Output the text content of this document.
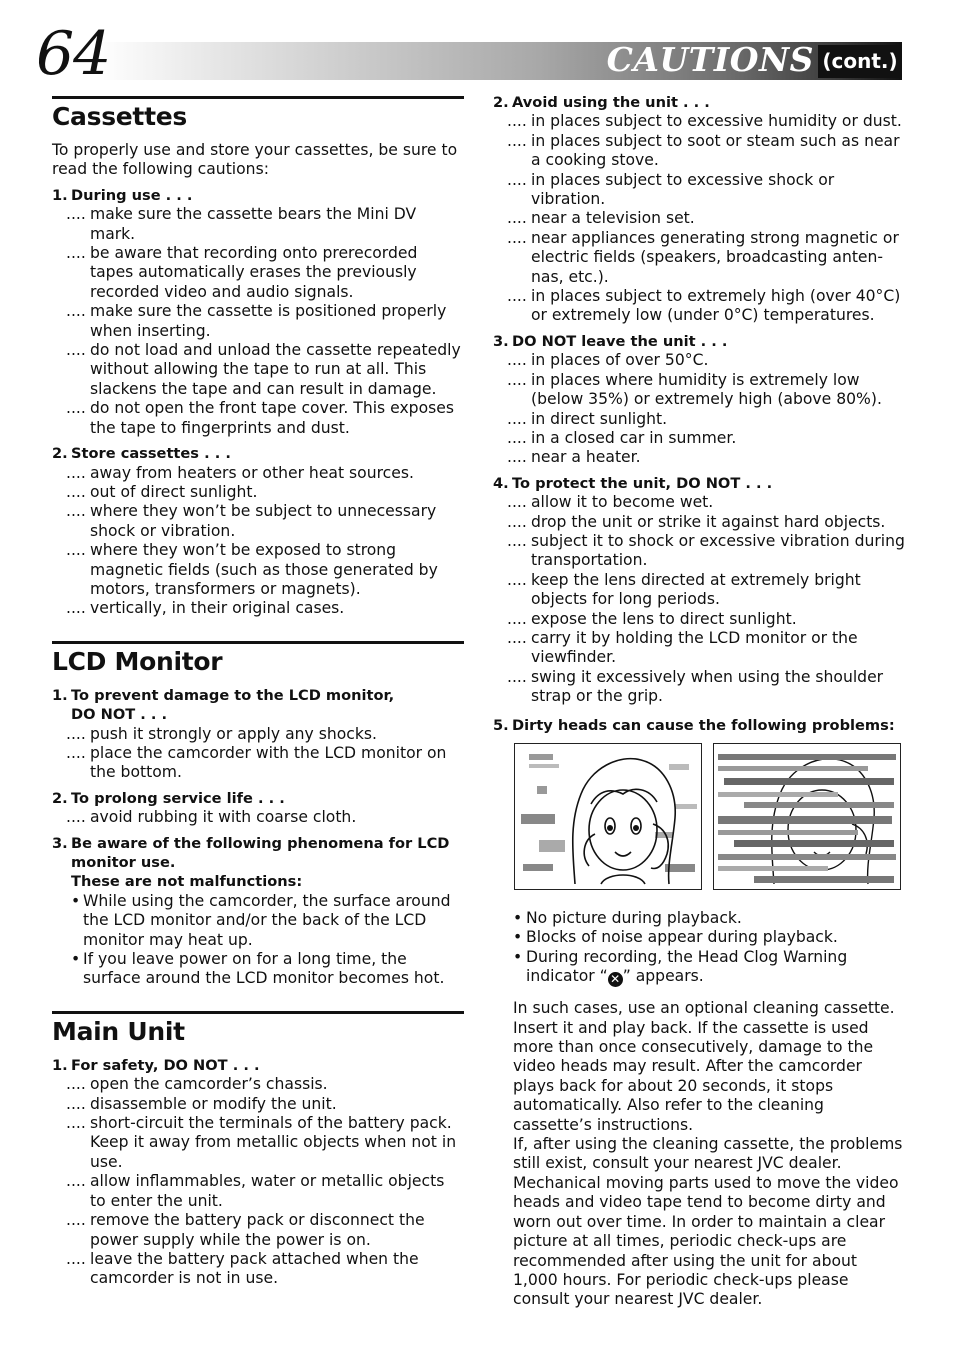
64	CAUTIONS (cont.)
Cassettes

To properly use and store your cassettes, be sure to read the following cautions:

1. During use . . .
.... make sure the cassette bears the Mini DV mark.
.... be aware that recording onto prerecorded tapes automatically erases the previously recorded video and audio signals.
.... make sure the cassette is positioned properly when inserting.
.... do not load and unload the cassette repeatedly without allowing the tape to run at all. This slackens the tape and can result in damage.
.... do not open the front tape cover. This exposes the tape to fingerprints and dust.
2. Store cassettes . . .
.... away from heaters or other heat sources.
.... out of direct sunlight.
.... where they won’t be subject to unnecessary shock or vibration.
.... where they won’t be exposed to strong magnetic fields (such as those generated by motors, transformers or magnets).
.... vertically, in their original cases.
LCD Monitor
1. To prevent damage to the LCD monitor,
DO NOT . . .
.... push it strongly or apply any shocks.
.... place the camcorder with the LCD monitor on the bottom.
2. To prolong service life . . .
.... avoid rubbing it with coarse cloth.
3. Be aware of the following phenomena for LCD
monitor use.
These are not malfunctions:
• While using the camcorder, the surface around the LCD monitor and/or the back of the LCD monitor may heat up.
• If you leave power on for a long time, the surface around the LCD monitor becomes hot.
Main Unit
1. For safety, DO NOT . . .
.... open the camcorder’s chassis.
.... disassemble or modify the unit.
.... short-circuit the terminals of the battery pack. Keep it away from metallic objects when not in use.
.... allow inflammables, water or metallic objects to enter the unit.
.... remove the battery pack or disconnect the power supply while the power is on.
.... leave the battery pack attached when the camcorder is not in use.
2. Avoid using the unit . . .
.... in places subject to excessive humidity or dust.
.... in places subject to soot or steam such as near a cooking stove.
.... in places subject to excessive shock or vibration.
.... near a television set.
.... near appliances generating strong magnetic or electric fields (speakers, broadcasting anten-nas, etc.).
.... in places subject to extremely high (over 40°C) or extremely low (under 0°C) temperatures.
3. DO NOT leave the unit . . .
.... in places of over 50°C.
.... in places where humidity is extremely low (below 35%) or extremely high (above 80%).
.... in direct sunlight.
.... in a closed car in summer.
.... near a heater.
4. To protect the unit, DO NOT . . .
.... allow it to become wet.
.... drop the unit or strike it against hard objects.
.... subject it to shock or excessive vibration during transportation.
.... keep the lens directed at extremely bright objects for long periods.
.... expose the lens to direct sunlight.
.... carry it by holding the LCD monitor or the viewfinder.
.... swing it excessively when using the shoulder strap or the grip.
5. Dirty heads can cause the following problems:
• No picture during playback.
• Blocks of noise appear during playback.
• During recording, the Head Clog Warning indicator “ ✕ ” appears.

In such cases, use an optional cleaning cassette. Insert it and play back. If the cassette is used more than once consecutively, damage to the video heads may result. After the camcorder plays back for about 20 seconds, it stops automatically. Also refer to the cleaning cassette’s instructions.

If, after using the cleaning cassette, the problems still exist, consult your nearest JVC dealer. Mechanical moving parts used to move the video heads and video tape tend to become dirty and worn out over time. In order to maintain a clear picture at all times, periodic check-ups are recommended after using the unit for about 1,000 hours. For periodic check-ups please consult your nearest JVC dealer.
